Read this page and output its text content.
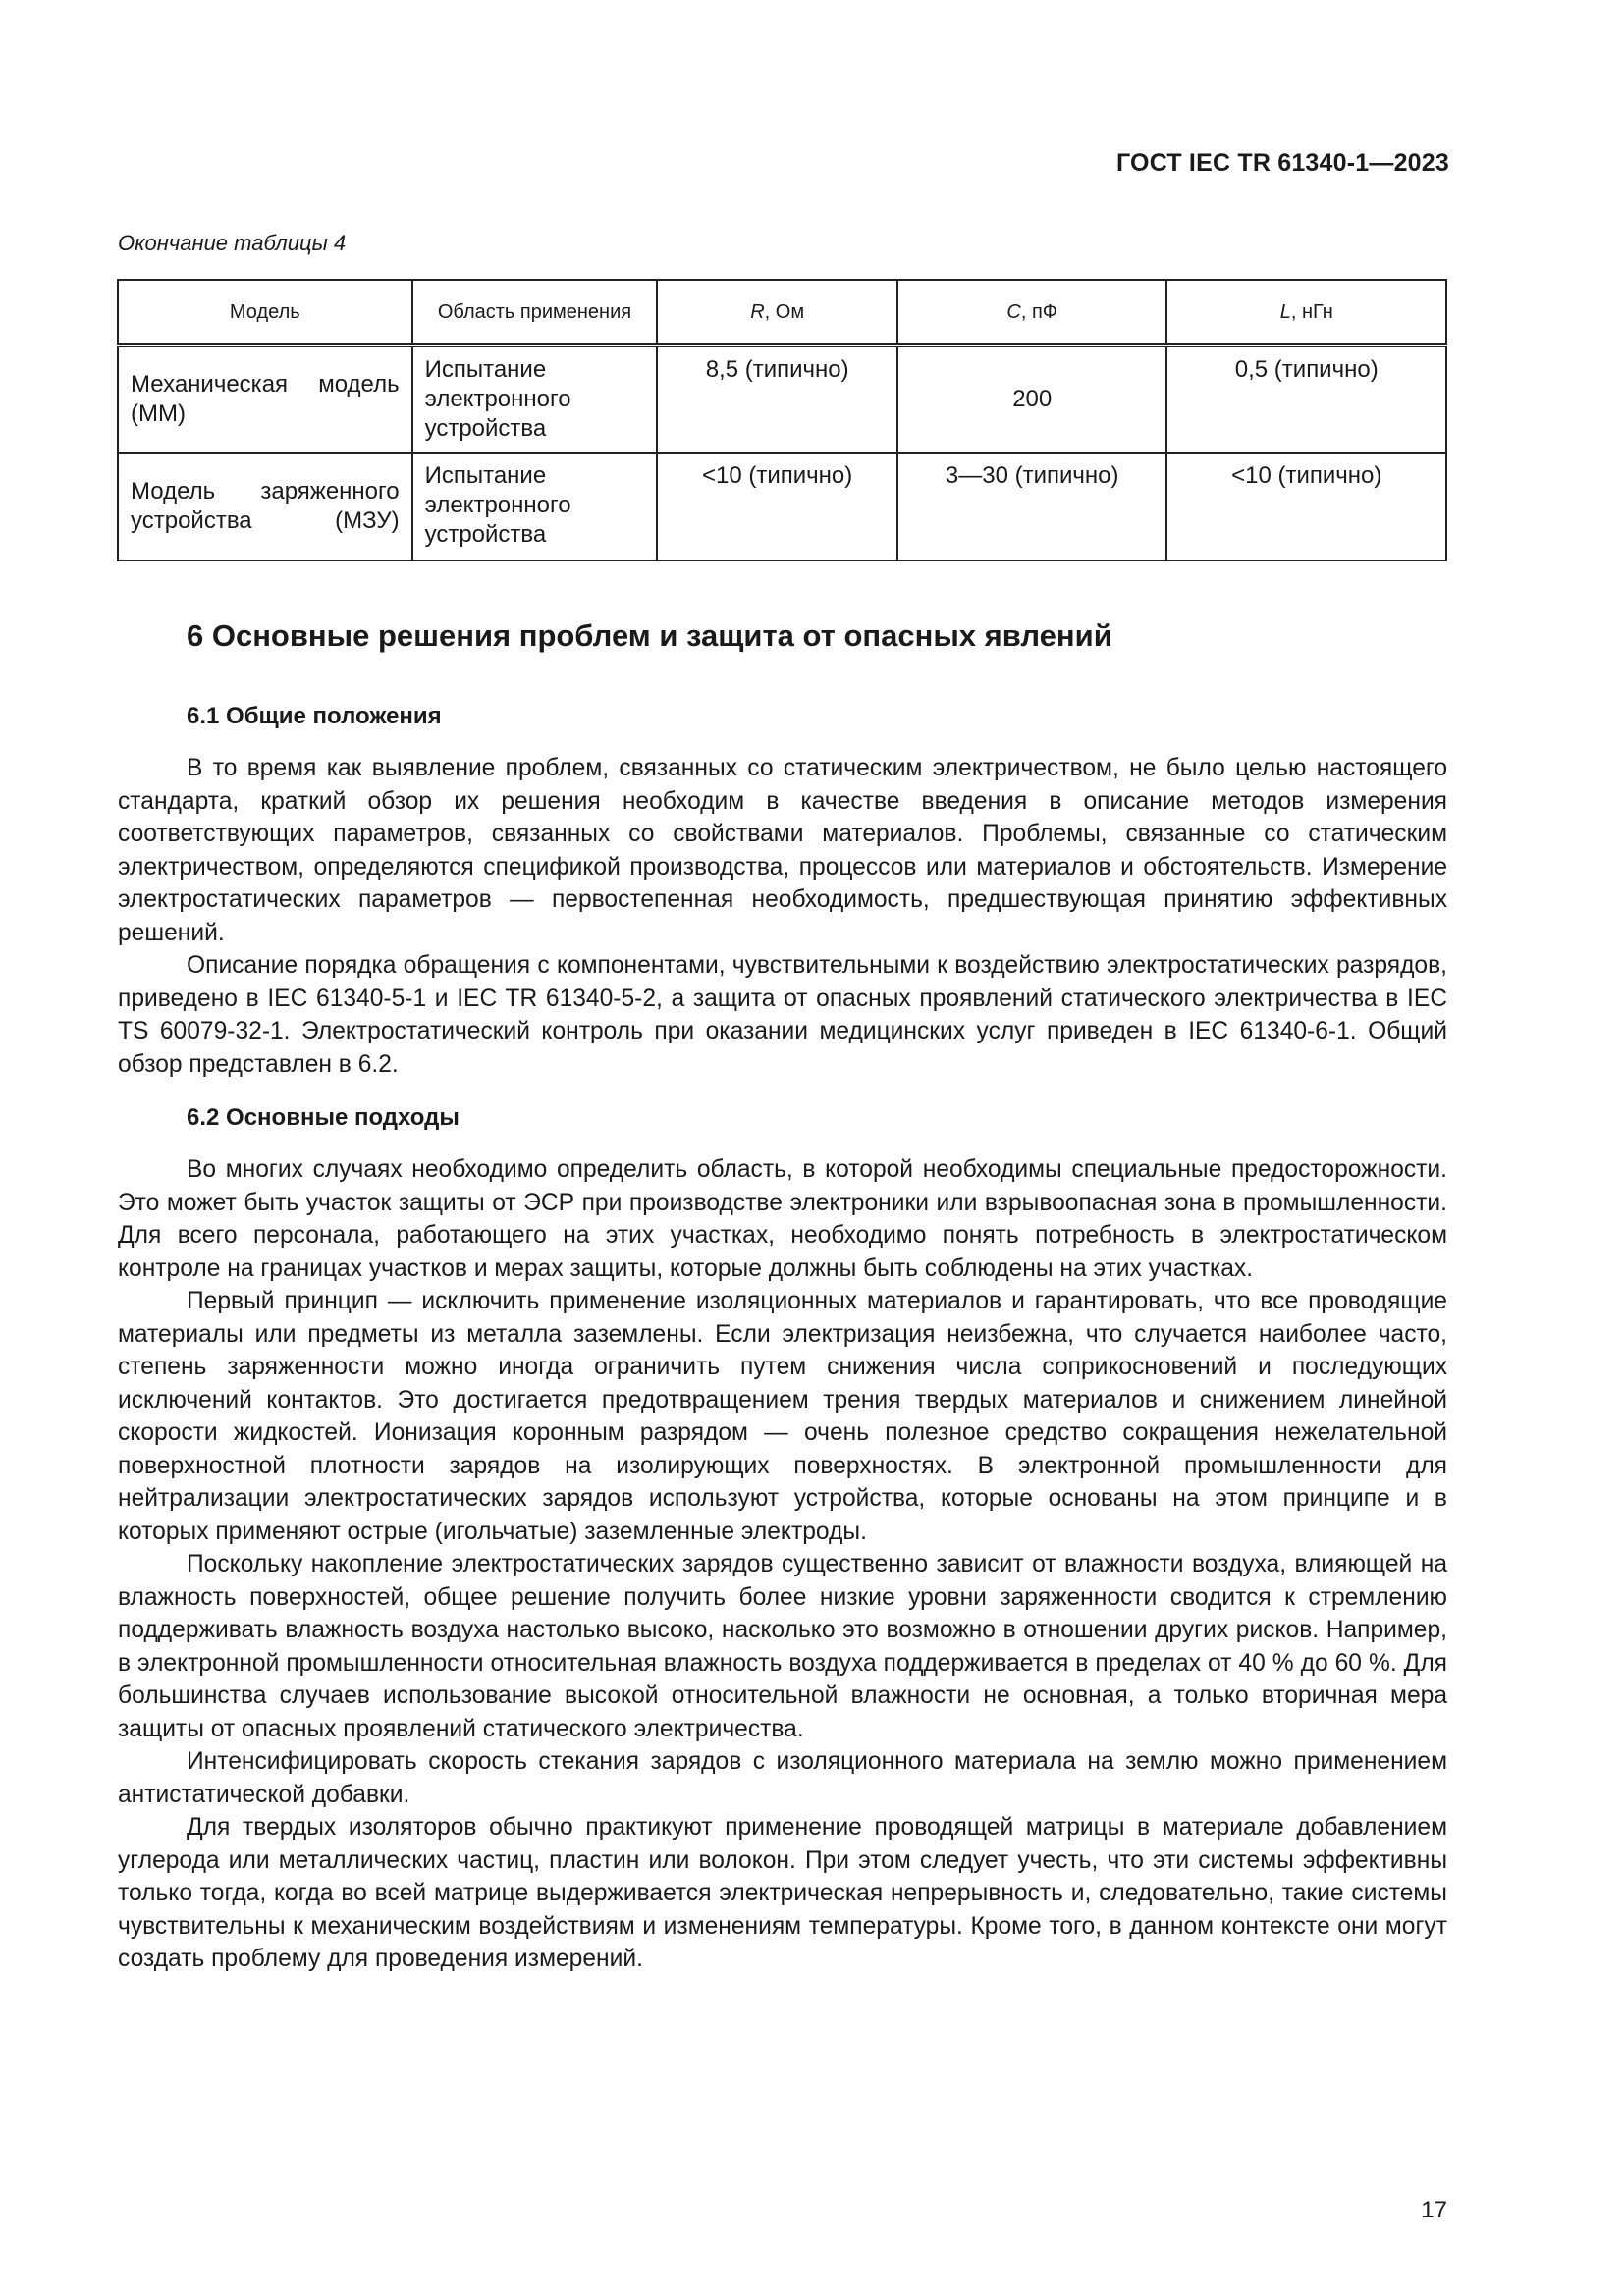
ГОСТ IEC TR 61340-1—2023
Окончание таблицы 4
Модель	Область применения	R, Ом	C, пФ	L, нГн
Механическая модель (ММ)	Испытание электронного устройства	8,5 (типично)	200	0,5 (типично)
Модель заряженного устройства (МЗУ)	Испытание электронного устройства	<10 (типично)	3—30 (типично)	<10 (типично)
6 Основные решения проблем и защита от опасных явлений
6.1 Общие положения

В то время как выявление проблем, связанных со статическим электричеством, не было целью настоящего стандарта, краткий обзор их решения необходим в качестве введения в описание методов измерения соответствующих параметров, связанных со свойствами материалов. Проблемы, связанные со статическим электричеством, определяются спецификой производства, процессов или материалов и обстоятельств. Измерение электростатических параметров — первостепенная необходимость, предшествующая принятию эффективных решений.

Описание порядка обращения с компонентами, чувствительными к воздействию электростатических разрядов, приведено в IEC 61340-5-1 и IEC TR 61340-5-2, а защита от опасных проявлений статического электричества в IEC TS 60079-32-1. Электростатический контроль при оказании медицинских услуг приведен в IEC 61340-6-1. Общий обзор представлен в 6.2.

6.2 Основные подходы

Во многих случаях необходимо определить область, в которой необходимы специальные предосторожности. Это может быть участок защиты от ЭСР при производстве электроники или взрывоопасная зона в промышленности. Для всего персонала, работающего на этих участках, необходимо понять потребность в электростатическом контроле на границах участков и мерах защиты, которые должны быть соблюдены на этих участках.

Первый принцип — исключить применение изоляционных материалов и гарантировать, что все проводящие материалы или предметы из металла заземлены. Если электризация неизбежна, что случается наиболее часто, степень заряженности можно иногда ограничить путем снижения числа соприкосновений и последующих исключений контактов. Это достигается предотвращением трения твердых материалов и снижением линейной скорости жидкостей. Ионизация коронным разрядом — очень полезное средство сокращения нежелательной поверхностной плотности зарядов на изолирующих поверхностях. В электронной промышленности для нейтрализации электростатических зарядов используют устройства, которые основаны на этом принципе и в которых применяют острые (игольчатые) заземленные электроды.

Поскольку накопление электростатических зарядов существенно зависит от влажности воздуха, влияющей на влажность поверхностей, общее решение получить более низкие уровни заряженности сводится к стремлению поддерживать влажность воздуха настолько высоко, насколько это возможно в отношении других рисков. Например, в электронной промышленности относительная влажность воздуха поддерживается в пределах от 40 % до 60 %. Для большинства случаев использование высокой относительной влажности не основная, а только вторичная мера защиты от опасных проявлений статического электричества.

Интенсифицировать скорость стекания зарядов с изоляционного материала на землю можно применением антистатической добавки.

Для твердых изоляторов обычно практикуют применение проводящей матрицы в материале добавлением углерода или металлических частиц, пластин или волокон. При этом следует учесть, что эти системы эффективны только тогда, когда во всей матрице выдерживается электрическая непрерывность и, следовательно, такие системы чувствительны к механическим воздействиям и изменениям температуры. Кроме того, в данном контексте они могут создать проблему для проведения измерений.

17
